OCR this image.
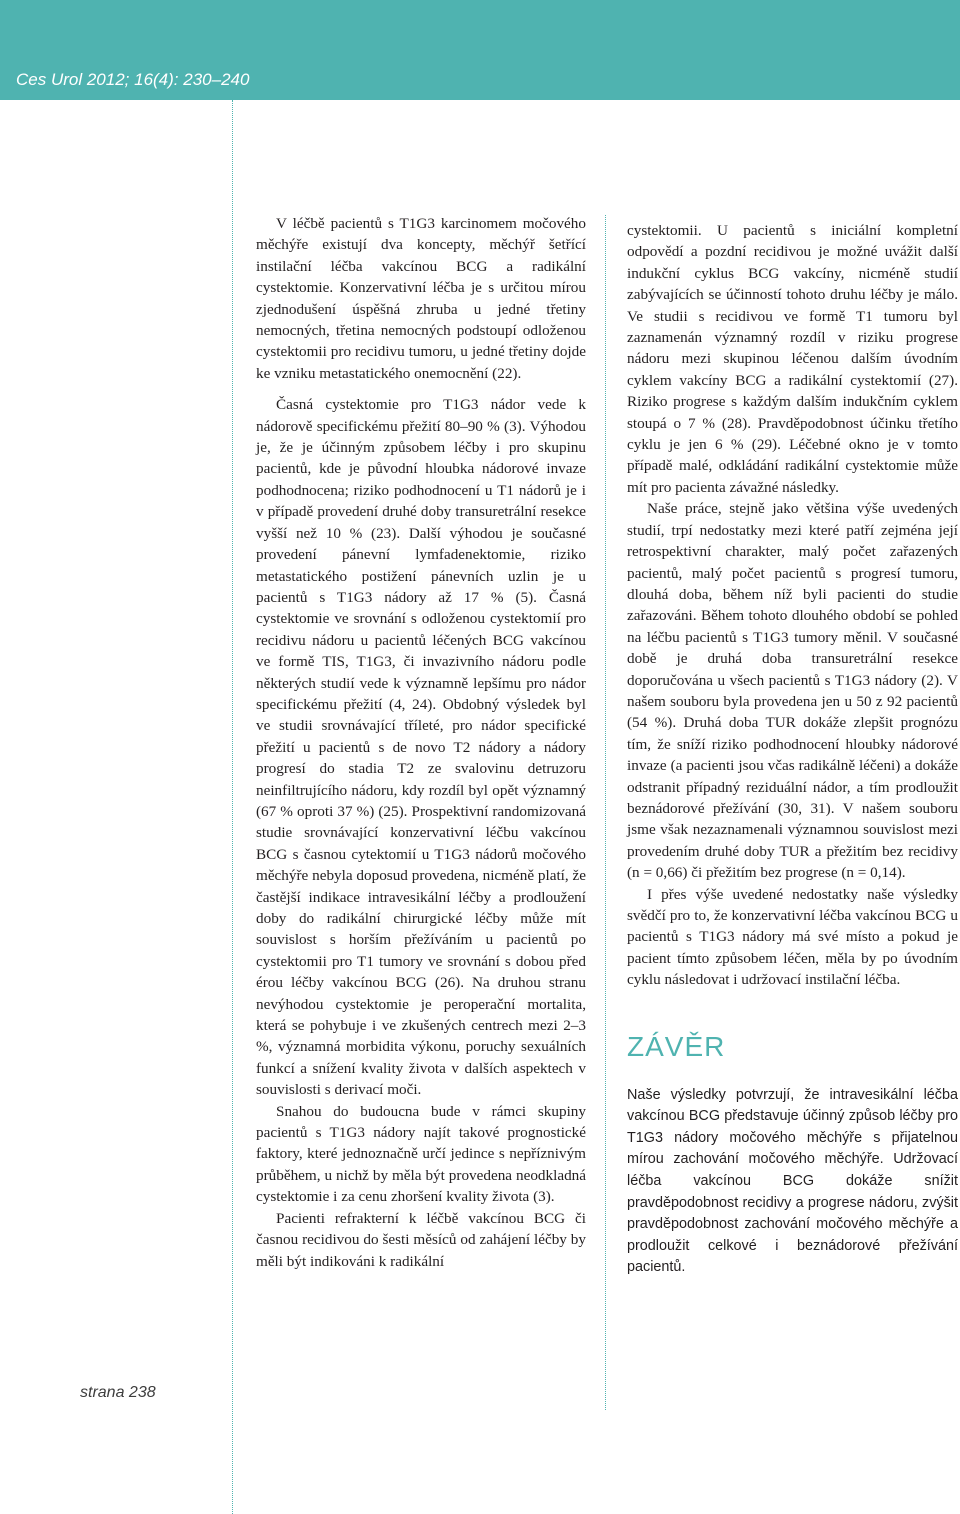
Ces Urol 2012; 16(4): 230–240

strana 238

V léčbě pacientů s T1G3 karcinomem močového měchýře existují dva koncepty, měchýř šetřící instilační léčba vakcínou BCG a radikální cystektomie. Konzervativní léčba je s určitou mírou zjednodušení úspěšná zhruba u jedné třetiny nemocných, třetina nemocných podstoupí odloženou cystektomii pro recidivu tumoru, u jedné třetiny dojde ke vzniku metastatického onemocnění (22).

Časná cystektomie pro T1G3 nádor vede k nádorově specifickému přežití 80–90 % (3). Výhodou je, že je účinným způsobem léčby i pro skupinu pacientů, kde je původní hloubka nádorové invaze podhodnocena; riziko podhodnocení u T1 nádorů je i v případě provedení druhé doby transuretrální resekce vyšší než 10 % (23). Další výhodou je současné provedení pánevní lymfadenektomie, riziko metastatického postižení pánevních uzlin je u pacientů s T1G3 nádory až 17 % (5). Časná cystektomie ve srovnání s odloženou cystektomií pro recidivu nádoru u pacientů léčených BCG vakcínou ve formě TIS, T1G3, či invazivního nádoru podle některých studií vede k významně lepšímu pro nádor specifickému přežití (4, 24). Obdobný výsledek byl ve studii srovnávající tříleté, pro nádor specifické přežití u pacientů s de novo T2 nádory a nádory progresí do stadia T2 ze svalovinu detruzoru neinfiltrujícího nádoru, kdy rozdíl byl opět významný (67 % oproti 37 %) (25). Prospektivní randomizovaná studie srovnávající konzervativní léčbu vakcínou BCG s časnou cytektomií u T1G3 nádorů močového měchýře nebyla doposud provedena, nicméně platí, že častější indikace intravesikální léčby a prodloužení doby do radikální chirurgické léčby může mít souvislost s horším přežíváním u pacientů po cystektomii pro T1 tumory ve srovnání s dobou před érou léčby vakcínou BCG (26). Na druhou stranu nevýhodou cystektomie je peroperační mortalita, která se pohybuje i ve zkušených centrech mezi 2–3 %, významná morbidita výkonu, poruchy sexuálních funkcí a snížení kvality života v dalších aspektech v souvislosti s derivací moči.

Snahou do budoucna bude v rámci skupiny pacientů s T1G3 nádory najít takové prognostické faktory, které jednoznačně určí jedince s nepříznivým průběhem, u nichž by měla být provedena neodkladná cystektomie i za cenu zhoršení kvality života (3).

Pacienti refrakterní k léčbě vakcínou BCG či časnou recidivou do šesti měsíců od zahájení léčby by měli být indikováni k radikální

cystektomii. U pacientů s iniciální kompletní odpovědí a pozdní recidivou je možné uvážit další indukční cyklus BCG vakcíny, nicméně studií zabývajících se účinností tohoto druhu léčby je málo. Ve studii s recidivou ve formě T1 tumoru byl zaznamenán významný rozdíl v riziku progrese nádoru mezi skupinou léčenou dalším úvodním cyklem vakcíny BCG a radikální cystektomií (27). Riziko progrese s každým dalším indukčním cyklem stoupá o 7 % (28). Pravděpodobnost účinku třetího cyklu je jen 6 % (29). Léčebné okno je v tomto případě malé, odkládání radikální cystektomie může mít pro pacienta závažné následky.

Naše práce, stejně jako většina výše uvedených studií, trpí nedostatky mezi které patří zejména její retrospektivní charakter, malý počet zařazených pacientů, malý počet pacientů s progresí tumoru, dlouhá doba, během níž byli pacienti do studie zařazováni. Během tohoto dlouhého období se pohled na léčbu pacientů s T1G3 tumory měnil. V současné době je druhá doba transuretrální resekce doporučována u všech pacientů s T1G3 nádory (2). V našem souboru byla provedena jen u 50 z 92 pacientů (54 %). Druhá doba TUR dokáže zlepšit prognózu tím, že sníží riziko podhodnocení hloubky nádorové invaze (a pacienti jsou včas radikálně léčeni) a dokáže odstranit případný reziduální nádor, a tím prodloužit beznádorové přežívání (30, 31). V našem souboru jsme však nezaznamenali významnou souvislost mezi provedením druhé doby TUR a přežitím bez recidivy (n = 0,66) či přežitím bez progrese (n = 0,14).

I přes výše uvedené nedostatky naše výsledky svědčí pro to, že konzervativní léčba vakcínou BCG u pacientů s T1G3 nádory má své místo a pokud je pacient tímto způsobem léčen, měla by po úvodním cyklu následovat i udržovací instilační léčba.

ZÁVĚR

Naše výsledky potvrzují, že intravesikální léčba vakcínou BCG představuje účinný způsob léčby pro T1G3 nádory močového měchýře s přijatelnou mírou zachování močového měchýře. Udržovací léčba vakcínou BCG dokáže snížit pravděpodobnost recidivy a progrese nádoru, zvýšit pravděpodobnost zachování močového měchýře a prodloužit celkové i beznádorové přežívání pacientů.
